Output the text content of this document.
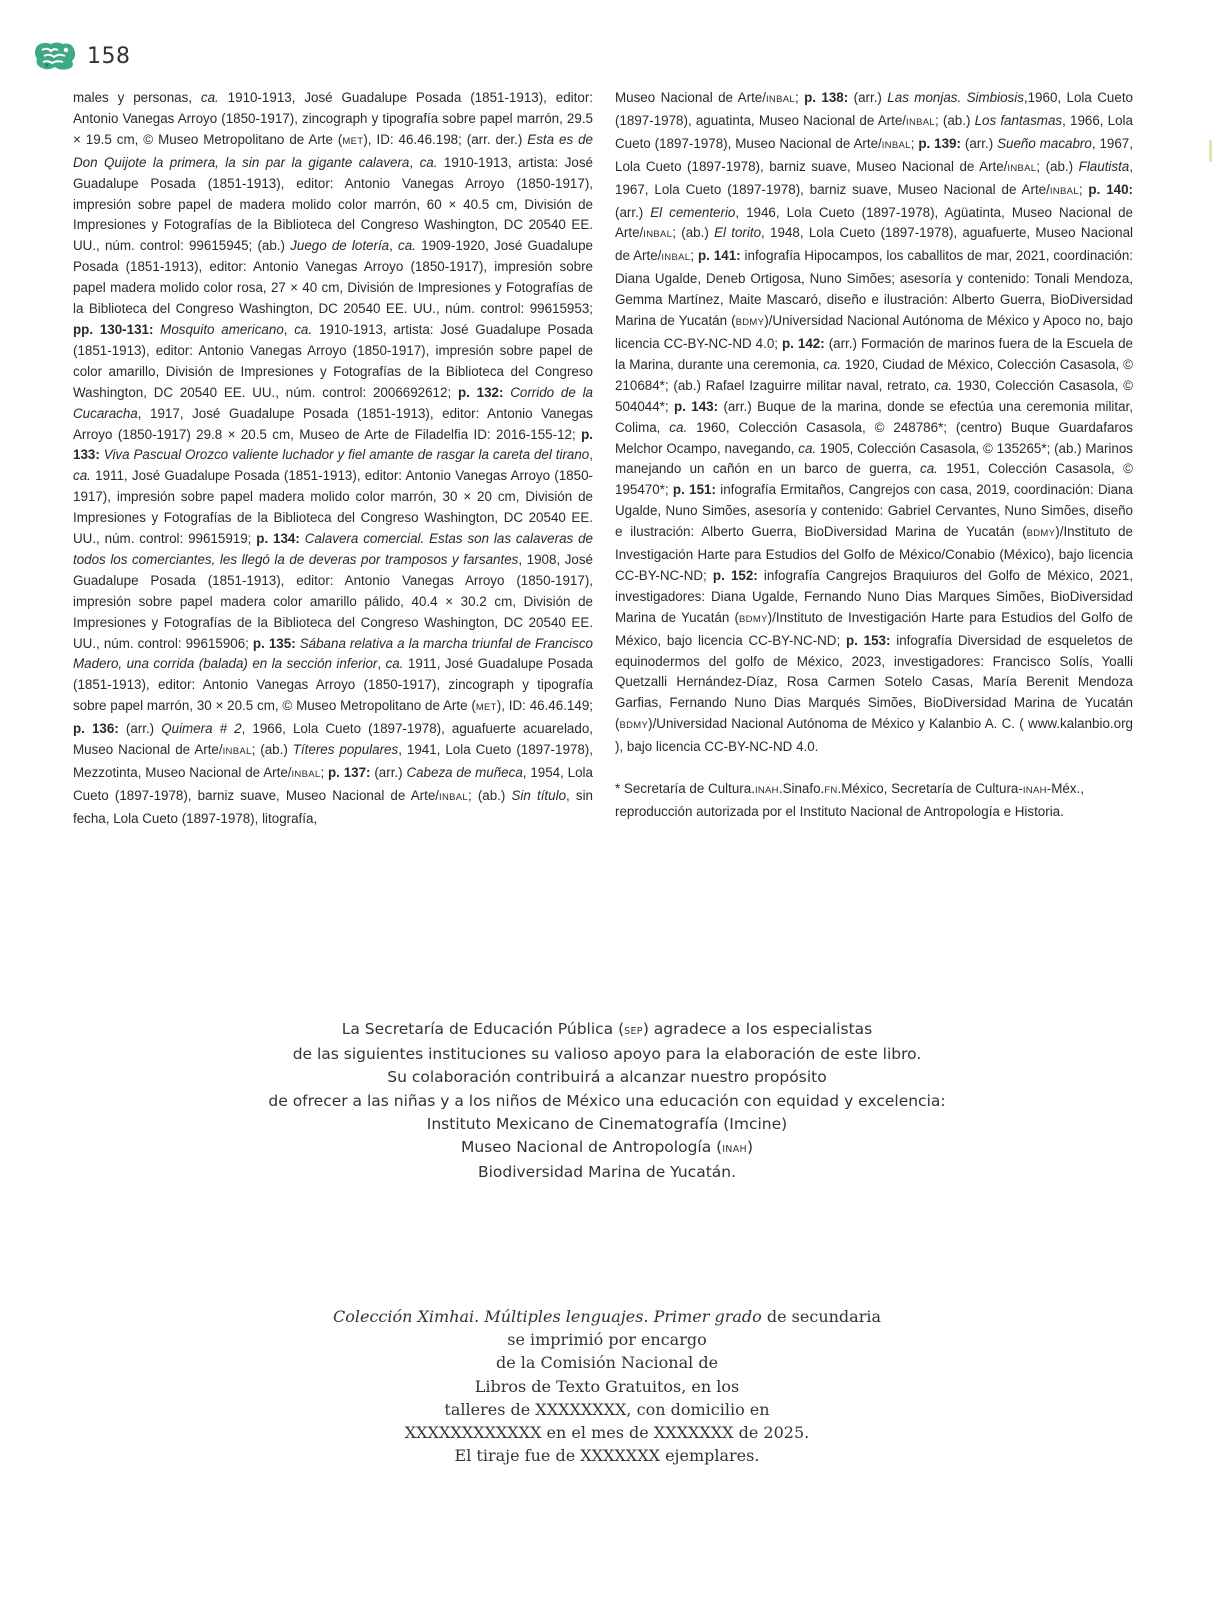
158

males y personas, ca. 1910-1913, José Guadalupe Posada (1851-1913), editor: Antonio Vanegas Arroyo (1850-1917), zincograph y tipografía sobre papel marrón, 29.5 × 19.5 cm, © Museo Metropolitano de Arte (MET), ID: 46.46.198; (arr. der.) Esta es de Don Quijote la primera, la sin par la gigante calavera, ca. 1910-1913, artista: José Guadalupe Posada (1851-1913), editor: Antonio Vanegas Arroyo (1850-1917), impresión sobre papel de madera molido color marrón, 60 × 40.5 cm, División de Impresiones y Fotografías de la Biblioteca del Congreso Washington, DC 20540 EE. UU., núm. control: 99615945; (ab.) Juego de lotería, ca. 1909-1920, José Guadalupe Posada (1851-1913), editor: Antonio Vanegas Arroyo (1850-1917), impresión sobre papel madera molido color rosa, 27 × 40 cm, División de Impresiones y Fotografías de la Biblioteca del Congreso Washington, DC 20540 EE. UU., núm. control: 99615953; pp. 130-131: Mosquito americano, ca. 1910-1913, artista: José Guadalupe Posada (1851-1913), editor: Antonio Vanegas Arroyo (1850-1917), impresión sobre papel de color amarillo, División de Impresiones y Fotografías de la Biblioteca del Congreso Washington, DC 20540 EE. UU., núm. control: 2006692612; p. 132: Corrido de la Cucaracha, 1917, José Guadalupe Posada (1851-1913), editor: Antonio Vanegas Arroyo (1850-1917) 29.8 × 20.5 cm, Museo de Arte de Filadelfia ID: 2016-155-12; p. 133: Viva Pascual Orozco valiente luchador y fiel amante de rasgar la careta del tirano, ca. 1911, José Guadalupe Posada (1851-1913), editor: Antonio Vanegas Arroyo (1850-1917), impresión sobre papel madera molido color marrón, 30 × 20 cm, División de Impresiones y Fotografías de la Biblioteca del Congreso Washington, DC 20540 EE. UU., núm. control: 99615919; p. 134: Calavera comercial. Estas son las calaveras de todos los comerciantes, les llegó la de deveras por tramposos y farsantes, 1908, José Guadalupe Posada (1851-1913), editor: Antonio Vanegas Arroyo (1850-1917), impresión sobre papel madera color amarillo pálido, 40.4 × 30.2 cm, División de Impresiones y Fotografías de la Biblioteca del Congreso Washington, DC 20540 EE. UU., núm. control: 99615906; p. 135: Sábana relativa a la marcha triunfal de Francisco Madero, una corrida (balada) en la sección inferior, ca. 1911, José Guadalupe Posada (1851-1913), editor: Antonio Vanegas Arroyo (1850-1917), zincograph y tipografía sobre papel marrón, 30 × 20.5 cm, © Museo Metropolitano de Arte (MET), ID: 46.46.149; p. 136: (arr.) Quimera # 2, 1966, Lola Cueto (1897-1978), aguafuerte acuarelado, Museo Nacional de Arte/INBAL; (ab.) Títeres populares, 1941, Lola Cueto (1897-1978), Mezzotinta, Museo Nacional de Arte/INBAL; p. 137: (arr.) Cabeza de muñeca, 1954, Lola Cueto (1897-1978), barniz suave, Museo Nacional de Arte/INBAL; (ab.) Sin título, sin fecha, Lola Cueto (1897-1978), litografía,

Museo Nacional de Arte/INBAL; p. 138: (arr.) Las monjas. Simbiosis,1960, Lola Cueto (1897-1978), aguatinta, Museo Nacional de Arte/INBAL; (ab.) Los fantasmas, 1966, Lola Cueto (1897-1978), Museo Nacional de Arte/INBAL; p. 139: (arr.) Sueño macabro, 1967, Lola Cueto (1897-1978), barniz suave, Museo Nacional de Arte/INBAL; (ab.) Flautista, 1967, Lola Cueto (1897-1978), barniz suave, Museo Nacional de Arte/INBAL; p. 140: (arr.) El cementerio, 1946, Lola Cueto (1897-1978), Agüatinta, Museo Nacional de Arte/INBAL; (ab.) El torito, 1948, Lola Cueto (1897-1978), aguafuerte, Museo Nacional de Arte/INBAL; p. 141: infografía Hipocampos, los caballitos de mar, 2021, coordinación: Diana Ugalde, Deneb Ortigosa, Nuno Simões; asesoría y contenido: Tonali Mendoza, Gemma Martínez, Maite Mascaró, diseño e ilustración: Alberto Guerra, BioDiversidad Marina de Yucatán (BDMY)/Universidad Nacional Autónoma de México y Apoco no, bajo licencia CC-BY-NC-ND 4.0; p. 142: (arr.) Formación de marinos fuera de la Escuela de la Marina, durante una ceremonia, ca. 1920, Ciudad de México, Colección Casasola, © 210684*; (ab.) Rafael Izaguirre militar naval, retrato, ca. 1930, Colección Casasola, © 504044*; p. 143: (arr.) Buque de la marina, donde se efectúa una ceremonia militar, Colima, ca. 1960, Colección Casasola, © 248786*; (centro) Buque Guardafaros Melchor Ocampo, navegando, ca. 1905, Colección Casasola, © 135265*; (ab.) Marinos manejando un cañón en un barco de guerra, ca. 1951, Colección Casasola, © 195470*; p. 151: infografía Ermitaños, Cangrejos con casa, 2019, coordinación: Diana Ugalde, Nuno Simões, asesoría y contenido: Gabriel Cervantes, Nuno Simões, diseño e ilustración: Alberto Guerra, BioDiversidad Marina de Yucatán (BDMY)/Instituto de Investigación Harte para Estudios del Golfo de México/Conabio (México), bajo licencia CC-BY-NC-ND; p. 152: infografía Cangrejos Braquiuros del Golfo de México, 2021, investigadores: Diana Ugalde, Fernando Nuno Dias Marques Simões, BioDiversidad Marina de Yucatán (BDMY)/Instituto de Investigación Harte para Estudios del Golfo de México, bajo licencia CC-BY-NC-ND; p. 153: infografía Diversidad de esqueletos de equinodermos del golfo de México, 2023, investigadores: Francisco Solís, Yoalli Quetzalli Hernández-Díaz, Rosa Carmen Sotelo Casas, María Berenit Mendoza Garfias, Fernando Nuno Dias Marqués Simões, BioDiversidad Marina de Yucatán (BDMY)/Universidad Nacional Autónoma de México y Kalanbio A. C. ( www.kalanbio.org ), bajo licencia CC-BY-NC-ND 4.0.

* Secretaría de Cultura.INAH.Sinafo.FN.México, Secretaría de Cultura-INAH-Méx., reproducción autorizada por el Instituto Nacional de Antropología e Historia.

La Secretaría de Educación Pública (SEP) agradece a los especialistas
de las siguientes instituciones su valioso apoyo para la elaboración de este libro.
Su colaboración contribuirá a alcanzar nuestro propósito
de ofrecer a las niñas y a los niños de México una educación con equidad y excelencia:
Instituto Mexicano de Cinematografía (Imcine)
Museo Nacional de Antropología (INAH)
Biodiversidad Marina de Yucatán.
Colección Ximhai. Múltiples lenguajes. Primer grado de secundaria
se imprimió por encargo
de la Comisión Nacional de
Libros de Texto Gratuitos, en los
talleres de XXXXXXXX, con domicilio en
XXXXXXXXXXXX en el mes de XXXXXXX de 2025.
El tiraje fue de XXXXXXX ejemplares.
